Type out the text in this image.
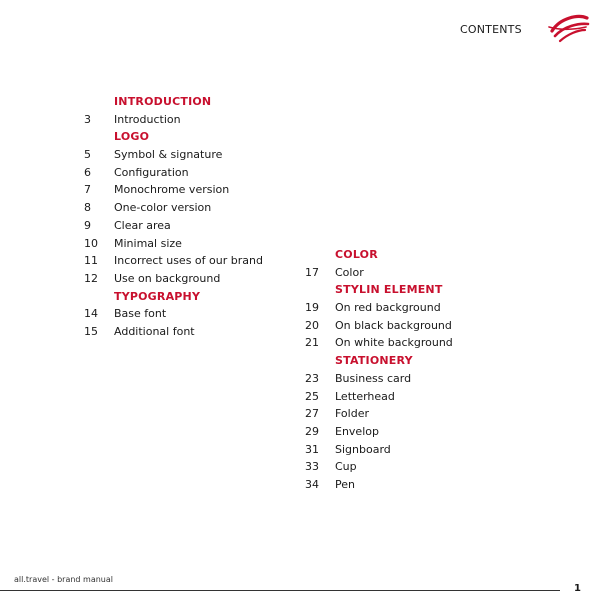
CONTENTS
INTRODUCTION
3 Introduction
LOGO
5 Symbol & signature
6 Configuration
7 Monochrome version
8 One-color version
9 Clear area
10 Minimal size
11 Incorrect uses of our brand
12 Use on background
TYPOGRAPHY
14 Base font
15 Additional font
COLOR
17 Color
STYLIN ELEMENT
19 On red background
20 On black background
21 On white background
STATIONERY
23 Business card
25 Letterhead
27 Folder
29 Envelop
31 Signboard
33 Cup
34 Pen
all.travel - brand manual
1
